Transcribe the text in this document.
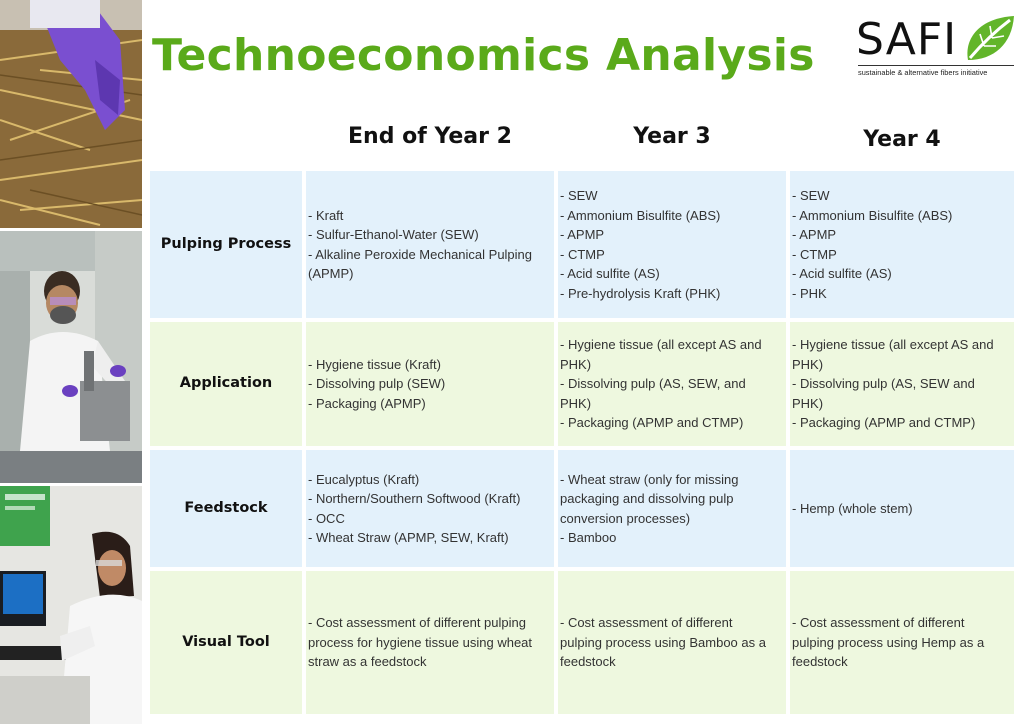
Technoeconomics Analysis SAFI
sustainable & alternative fibers initiative
End of Year 2	Year 3	Year 4
Pulping Process
- Kraft
- Sulfur-Ethanol-Water (SEW)
- Alkaline Peroxide Mechanical Pulping
(APMP)
- SEW
- Ammonium Bisulfite (ABS)
- APMP
- CTMP
- Acid sulfite (AS)
- Pre-hydrolysis Kraft (PHK)
- SEW
- Ammonium Bisulfite (ABS)
- APMP
- CTMP
- Acid sulfite (AS)
- PHK
Application
- Hygiene tissue (Kraft)
- Dissolving pulp (SEW)
- Packaging (APMP)
- Hygiene tissue (all except AS and
PHK)
- Dissolving pulp (AS, SEW, and
PHK)
- Packaging (APMP and CTMP)
- Hygiene tissue (all except AS and
PHK)
- Dissolving pulp (AS, SEW and
PHK)
- Packaging (APMP and CTMP)
Feedstock
- Eucalyptus (Kraft)
- Northern/Southern Softwood (Kraft)
- OCC
- Wheat Straw (APMP, SEW, Kraft)
- Wheat straw (only for missing
packaging and dissolving pulp
conversion processes)
- Bamboo
- Hemp (whole stem)
Visual Tool
- Cost assessment of different pulping
process for hygiene tissue using wheat
straw as a feedstock
- Cost assessment of different
pulping process using Bamboo as a
feedstock
- Cost assessment of different
pulping process using Hemp as a
feedstock
